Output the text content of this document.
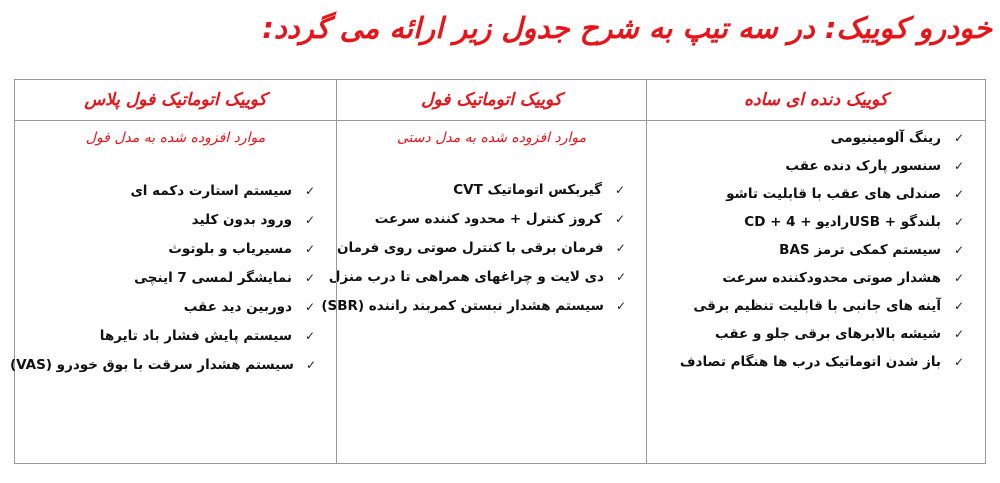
خودرو کوییک: در سه تیپ به شرح جدول زیر ارائه می گردد:
کوییک دنده ای ساده
✓
رینگ آلومینیومی
✓
سنسور پارک دنده عقب
✓
صندلی های عقب با قابلیت تاشو
✓
CD + رادیو + 4USB + بلندگو
✓
سیستم کمکی ترمز BAS
✓
هشدار صوتی محدودکننده سرعت
✓
آینه های جانبی با قابلیت تنظیم برقی
✓
شیشه بالابرهای برقی جلو و عقب
✓
باز شدن اتوماتیک درب ها هنگام تصادف
کوییک اتوماتیک فول
موارد افزوده شده به مدل دستی
✓
گیربکس اتوماتیک CVT
✓
کروز کنترل + محدود کننده سرعت
✓
فرمان برقی با کنترل صوتی روی فرمان
✓
دی لایت و چراغهای همراهی تا درب منزل
✓
سیستم هشدار نبستن کمربند راننده (SBR)
کوییک اتوماتیک فول پلاس
موارد افزوده شده به مدل فول
✓
سیستم استارت دکمه ای
✓
ورود بدون کلید
✓
مسیریاب و بلوتوث
✓
نمایشگر لمسی 7 اینچی
✓
دوربین دید عقب
✓
سیستم پایش فشار باد تایرها
✓
سیستم هشدار سرقت با بوق خودرو (VAS)
